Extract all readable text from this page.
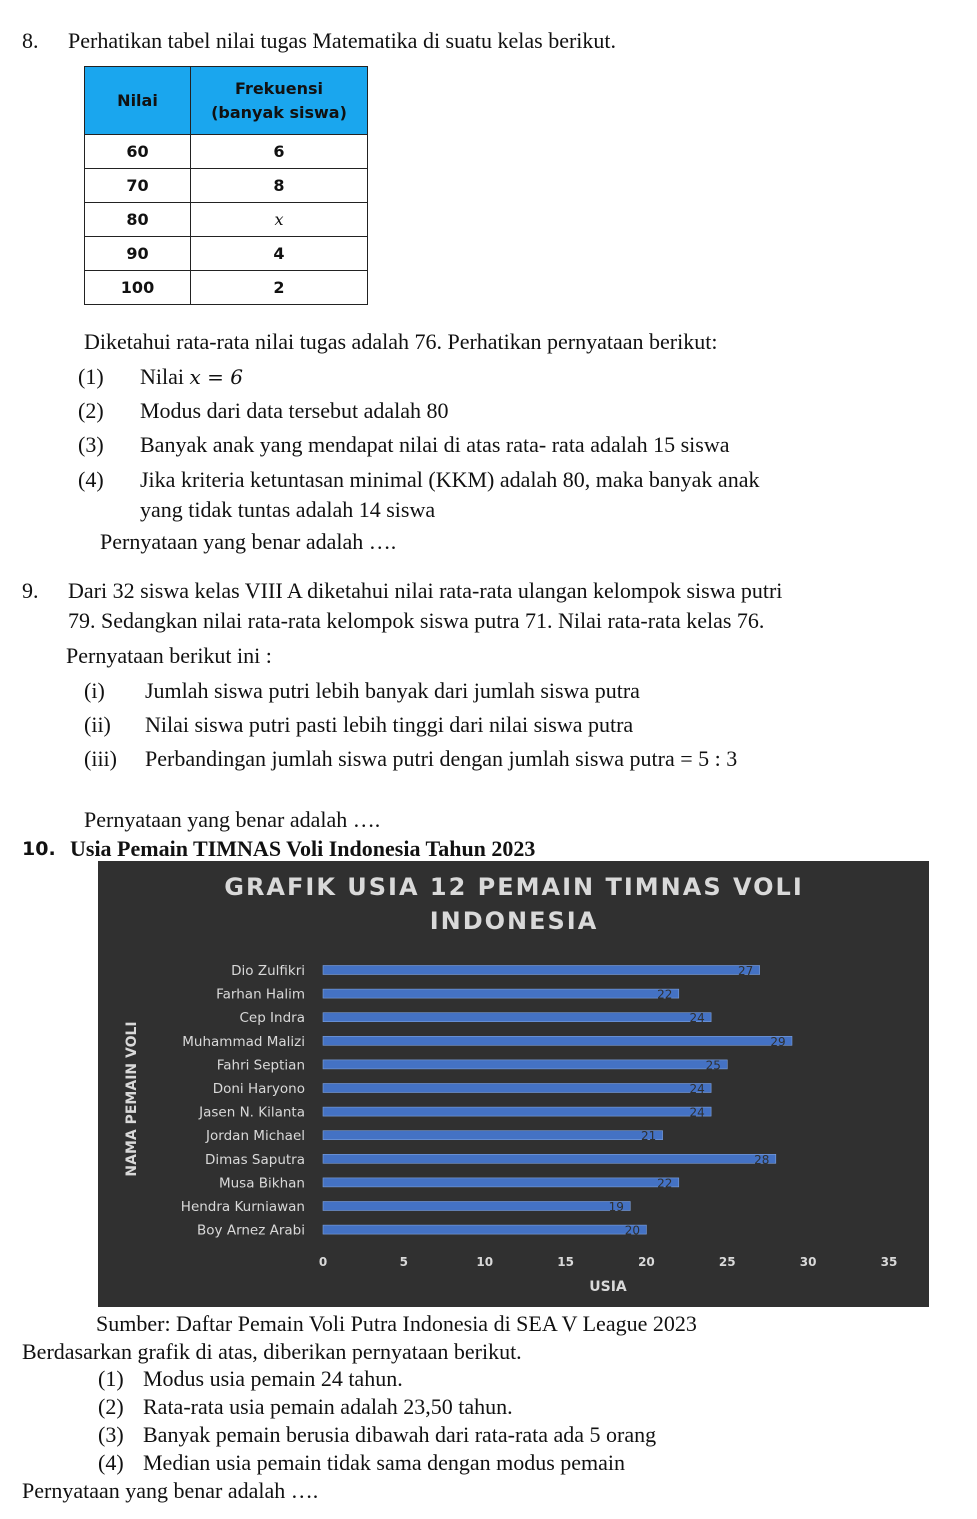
8. Perhatikan tabel nilai tugas Matematika di suatu kelas berikut.
Nilai	Frekuensi
(banyak siswa)

60	6
70	8
80	x
90	4
100	2
Diketahui rata-rata nilai tugas adalah 76. Perhatikan pernyataan berikut:
(1) Nilai x = 6
(2) Modus dari data tersebut adalah 80
(3) Banyak anak yang mendapat nilai di atas rata- rata adalah 15 siswa
(4) Jika kriteria ketuntasan minimal (KKM) adalah 80, maka banyak anak
yang tidak tuntas adalah 14 siswa
Pernyataan yang benar adalah ….
9. Dari 32 siswa kelas VIII A diketahui nilai rata-rata ulangan kelompok siswa putri
79. Sedangkan nilai rata-rata kelompok siswa putra 71. Nilai rata-rata kelas 76.
Pernyataan berikut ini :
(i) Jumlah siswa putri lebih banyak dari jumlah siswa putra
(ii) Nilai siswa putri pasti lebih tinggi dari nilai siswa putra
(iii) Perbandingan jumlah siswa putri dengan jumlah siswa putra = 5 : 3
Pernyataan yang benar adalah ….
10. Usia Pemain TIMNAS Voli Indonesia Tahun 2023
GRAFIK USIA 12 PEMAIN TIMNAS VOLI
INDONESIA
Dio Zulfikri	27
Farhan Halim	22
Cep Indra	24
Muhammad Malizi	29
Fahri Septian	25
Doni Haryono	24
Jasen N. Kilanta	24
Jordan Michael	21
Dimas Saputra	28
Musa Bikhan	22
Hendra Kurniawan	19
Boy Arnez Arabi	20
0	5	10	15	20	25	30	35
USIA
NAMA PEMAIN VOLI
Sumber: Daftar Pemain Voli Putra Indonesia di SEA V League 2023
Berdasarkan grafik di atas, diberikan pernyataan berikut.
(1) Modus usia pemain 24 tahun.
(2) Rata-rata usia pemain adalah 23,50 tahun.
(3) Banyak pemain berusia dibawah dari rata-rata ada 5 orang
(4) Median usia pemain tidak sama dengan modus pemain
Pernyataan yang benar adalah ….
